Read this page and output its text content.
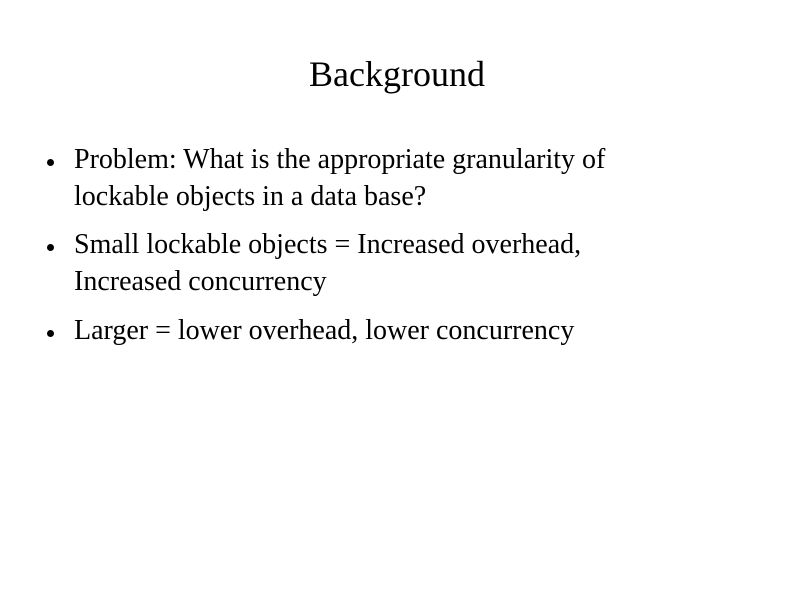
Background
Problem: What is the appropriate granularity of
lockable objects in a data base?
Small lockable objects = Increased overhead,
Increased concurrency
Larger = lower overhead, lower concurrency
